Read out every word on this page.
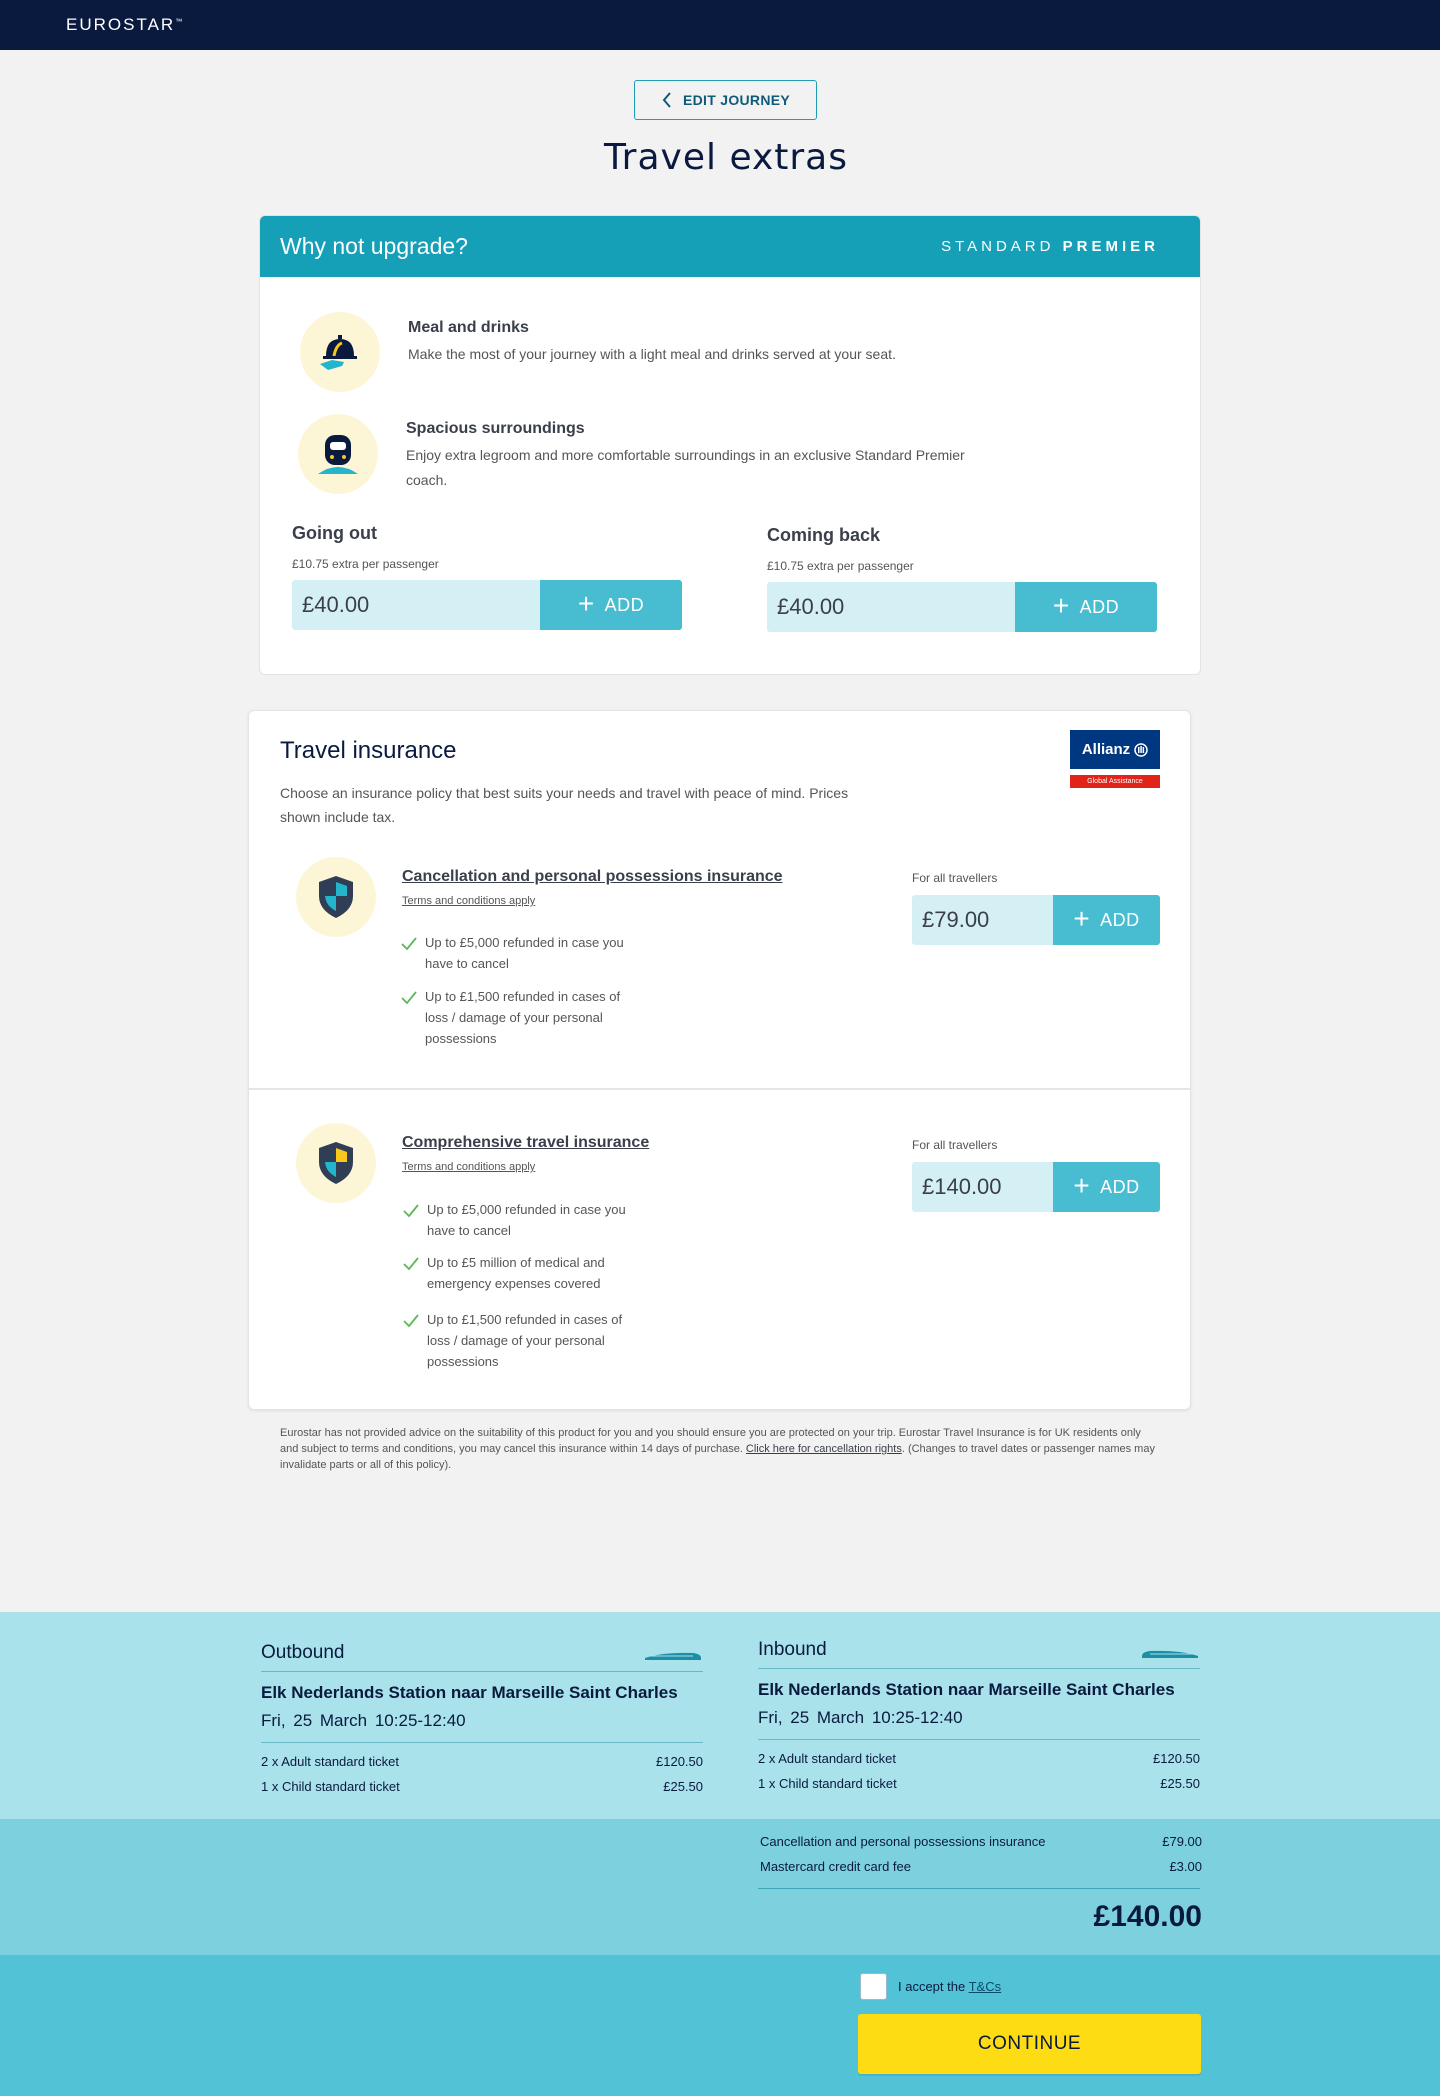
EUROSTAR™
EDIT JOURNEY
Travel extras
Why not upgrade?	STANDARD PREMIER
Meal and drinks
Make the most of your journey with a light meal and drinks served at your seat.
Spacious surroundings
Enjoy extra legroom and more comfortable surroundings in an exclusive Standard Premier coach.
Going out
£10.75 extra per passenger
£40.00	+ ADD
Coming back
£10.75 extra per passenger
£40.00	+ ADD
Travel insurance
Choose an insurance policy that best suits your needs and travel with peace of mind. Prices shown include tax.
Allianz
Global Assistance
Cancellation and personal possessions insurance
Terms and conditions apply
Up to £5,000 refunded in case you have to cancel
Up to £1,500 refunded in cases of loss / damage of your personal possessions
For all travellers
£79.00	+ ADD
Comprehensive travel insurance
Terms and conditions apply
Up to £5,000 refunded in case you have to cancel
Up to £5 million of medical and emergency expenses covered
Up to £1,500 refunded in cases of loss / damage of your personal possessions
For all travellers
£140.00	+ ADD
Eurostar has not provided advice on the suitability of this product for you and you should ensure you are protected on your trip. Eurostar Travel Insurance is for UK residents only and subject to terms and conditions, you may cancel this insurance within 14 days of purchase. Click here for cancellation rights. (Changes to travel dates or passenger names may invalidate parts or all of this policy).
Outbound
Elk Nederlands Station naar Marseille Saint Charles
Fri, 25 March 10:25-12:40
2 x Adult standard ticket	£120.50
1 x Child standard ticket	£25.50
Inbound
Elk Nederlands Station naar Marseille Saint Charles
Fri, 25 March 10:25-12:40
2 x Adult standard ticket	£120.50
1 x Child standard ticket	£25.50
Cancellation and personal possessions insurance	£79.00
Mastercard credit card fee	£3.00
£140.00
I accept the T&Cs
CONTINUE
